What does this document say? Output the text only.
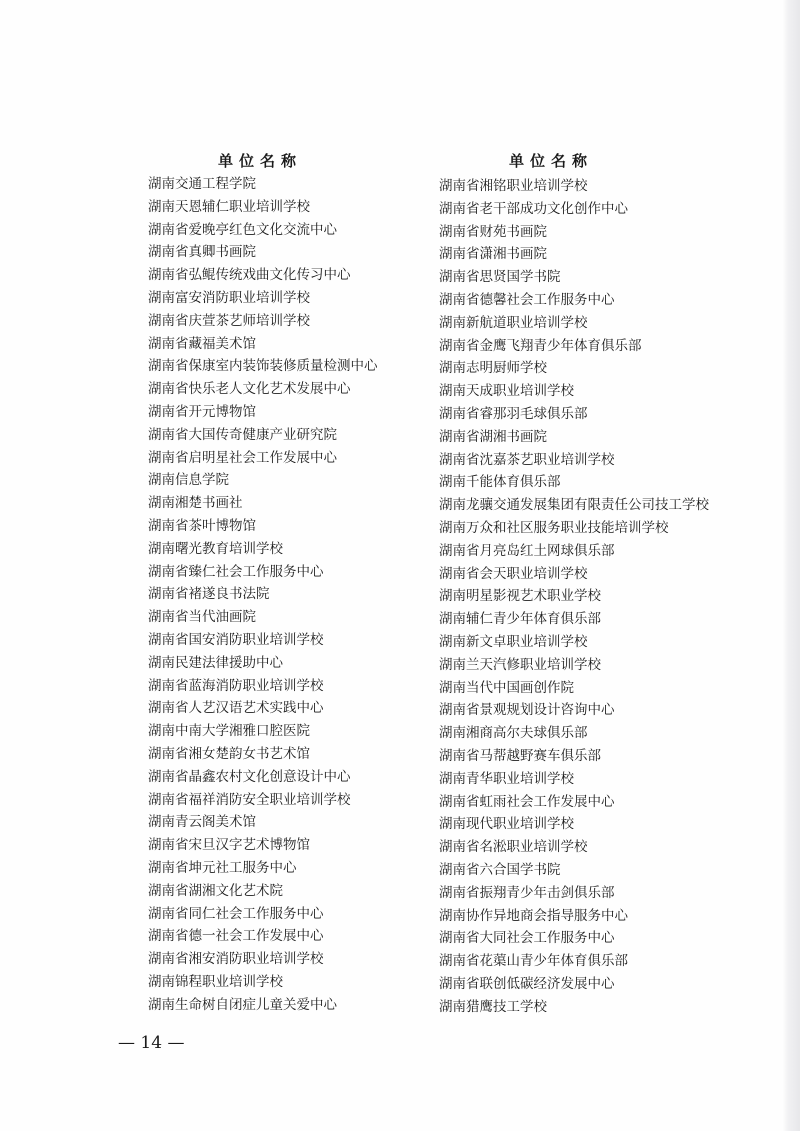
单位名称
湖南交通工程学院
湖南天恩辅仁职业培训学校
湖南省爱晚亭红色文化交流中心
湖南省真卿书画院
湖南省弘鲲传统戏曲文化传习中心
湖南富安消防职业培训学校
湖南省庆萱茶艺师培训学校
湖南省藏福美术馆
湖南省保康室内装饰装修质量检测中心
湖南省快乐老人文化艺术发展中心
湖南省开元博物馆
湖南省大国传奇健康产业研究院
湖南省启明星社会工作发展中心
湖南信息学院
湖南湘楚书画社
湖南省茶叶博物馆
湖南曙光教育培训学校
湖南省臻仁社会工作服务中心
湖南省褚遂良书法院
湖南省当代油画院
湖南省国安消防职业培训学校
湖南民建法律援助中心
湖南省蓝海消防职业培训学校
湖南省人艺汉语艺术实践中心
湖南中南大学湘雅口腔医院
湖南省湘女楚韵女书艺术馆
湖南省晶鑫农村文化创意设计中心
湖南省福祥消防安全职业培训学校
湖南青云阁美术馆
湖南省宋旦汉字艺术博物馆
湖南省坤元社工服务中心
湖南省湖湘文化艺术院
湖南省同仁社会工作服务中心
湖南省德一社会工作发展中心
湖南省湘安消防职业培训学校
湖南锦程职业培训学校
湖南生命树自闭症儿童关爱中心
单位名称
湖南省湘铭职业培训学校
湖南省老干部成功文化创作中心
湖南省财苑书画院
湖南省潇湘书画院
湖南省思贤国学书院
湖南省德馨社会工作服务中心
湖南新航道职业培训学校
湖南省金鹰飞翔青少年体育俱乐部
湖南志明厨师学校
湖南天成职业培训学校
湖南省睿那羽毛球俱乐部
湖南省湖湘书画院
湖南省沈嘉茶艺职业培训学校
湖南千能体育俱乐部
湖南龙骧交通发展集团有限责任公司技工学校
湖南万众和社区服务职业技能培训学校
湖南省月亮岛红土网球俱乐部
湖南省会天职业培训学校
湖南明星影视艺术职业学校
湖南辅仁青少年体育俱乐部
湖南新文卓职业培训学校
湖南兰天汽修职业培训学校
湖南当代中国画创作院
湖南省景观规划设计咨询中心
湖南湘商高尔夫球俱乐部
湖南省马帮越野赛车俱乐部
湖南青华职业培训学校
湖南省虹雨社会工作发展中心
湖南现代职业培训学校
湖南省名淞职业培训学校
湖南省六合国学书院
湖南省振翔青少年击剑俱乐部
湖南协作异地商会指导服务中心
湖南省大同社会工作服务中心
湖南省花蕖山青少年体育俱乐部
湖南省联创低碳经济发展中心
湖南猎鹰技工学校
— 14 —
